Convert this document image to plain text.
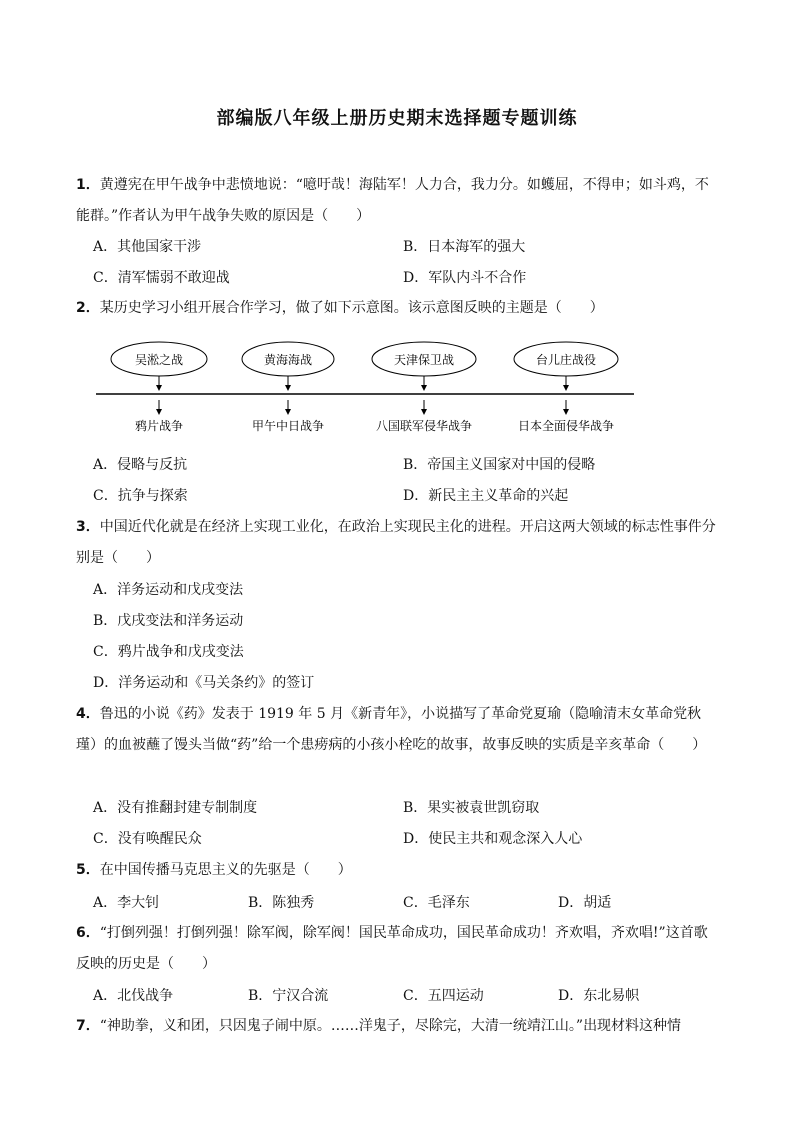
部编版八年级上册历史期末选择题专题训练
1．黄遵宪在甲午战争中悲愤地说：“噫吁哉！海陆军！人力合，我力分。如蠖屈，不得申；如斗鸡，不能群。”作者认为甲午战争失败的原因是（　　）
A．其他国家干涉	B．日本海军的强大
C．清军懦弱不敢迎战	D．军队内斗不合作
2．某历史学习小组开展合作学习，做了如下示意图。该示意图反映的主题是（　　）
吴淞之战
鸦片战争
黄海海战
甲午中日战争
天津保卫战
八国联军侵华战争
台儿庄战役
日本全面侵华战争
A．侵略与反抗	B．帝国主义国家对中国的侵略
C．抗争与探索	D．新民主主义革命的兴起
3．中国近代化就是在经济上实现工业化，在政治上实现民主化的进程。开启这两大领域的标志性事件分别是（　　）
A．洋务运动和戊戌变法
B．戊戌变法和洋务运动
C．鸦片战争和戊戌变法
D．洋务运动和《马关条约》的签订
4．鲁迅的小说《药》发表于 1919 年 5 月《新青年》，小说描写了革命党夏瑜（隐喻清末女革命党秋瑾）的血被蘸了馒头当做“药”给一个患痨病的小孩小栓吃的故事，故事反映的实质是辛亥革命（　　）
A．没有推翻封建专制制度	B．果实被袁世凯窃取
C．没有唤醒民众	D．使民主共和观念深入人心
5．在中国传播马克思主义的先驱是（　　）
A．李大钊	B．陈独秀	C．毛泽东	D．胡适
6．“打倒列强！打倒列强！除军阀，除军阀！国民革命成功，国民革命成功！齐欢唱，齐欢唱!”这首歌反映的历史是（　　）
A．北伐战争	B．宁汉合流	C．五四运动	D．东北易帜
7．“神助拳，义和团，只因鬼子闹中原。……洋鬼子，尽除完，大清一统靖江山。”出现材料这种情
